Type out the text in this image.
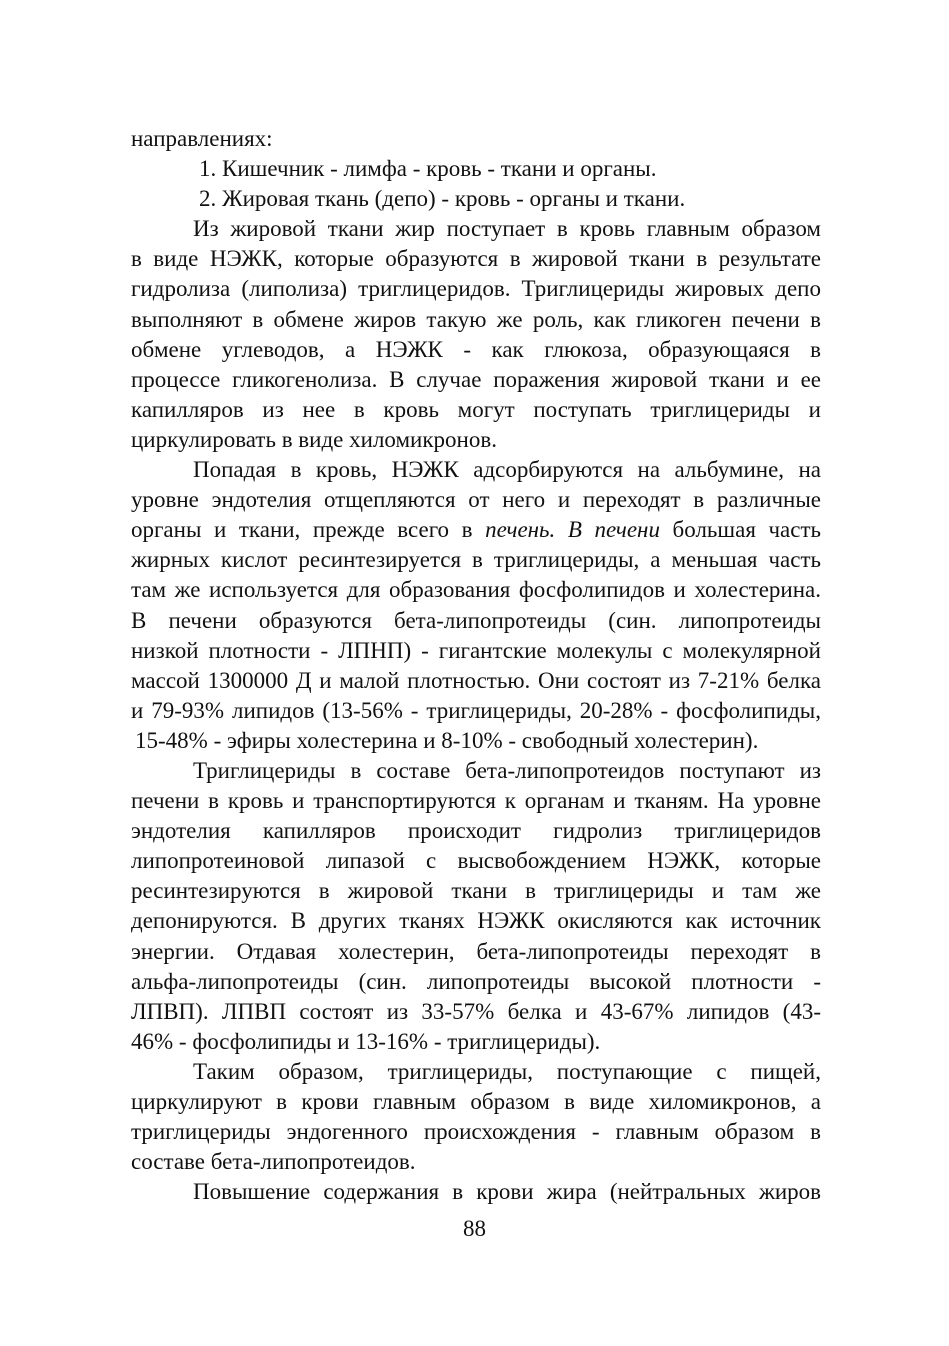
направлениях:
1. Кишечник - лимфа - кровь - ткани и органы.
2. Жировая ткань (депо) - кровь - органы и ткани.
Из жировой ткани жир поступает в кровь главным образом
в виде НЭЖК, которые образуются в жировой ткани в результате
гидролиза (липолиза) триглицеридов. Триглицериды жировых депо
выполняют в обмене жиров такую же роль, как гликоген печени в
обмене углеводов, а НЭЖК - как глюкоза, образующаяся в
процессе гликогенолиза. В случае поражения жировой ткани и ее
капилляров из нее в кровь могут поступать триглицериды и
циркулировать в виде хиломикронов.
Попадая в кровь, НЭЖК адсорбируются на альбумине, на
уровне эндотелия отщепляются от него и переходят в различные
органы и ткани, прежде всего в печень. В печени большая часть
жирных кислот ресинтезируется в триглицериды, а меньшая часть
там же используется для образования фосфолипидов и холестерина.
В печени образуются бета-липопротеиды (син. липопротеиды
низкой плотности - ЛПНП) - гигантские молекулы с молекулярной
массой 1300000 Д и малой плотностью. Они состоят из 7-21% белка
и 79-93% липидов (13-56% - триглицериды, 20-28% - фосфолипиды,
15-48% - эфиры холестерина и 8-10% - свободный холестерин).
Триглицериды в составе бета-липопротеидов поступают из
печени в кровь и транспортируются к органам и тканям. На уровне
эндотелия капилляров происходит гидролиз триглицеридов
липопротеиновой липазой с высвобождением НЭЖК, которые
ресинтезируются в жировой ткани в триглицериды и там же
депонируются. В других тканях НЭЖК окисляются как источник
энергии. Отдавая холестерин, бета-липопротеиды переходят в
альфа-липопротеиды (син. липопротеиды высокой плотности -
ЛПВП). ЛПВП состоят из 33-57% белка и 43-67% липидов (43-
46% - фосфолипиды и 13-16% - триглицериды).
Таким образом, триглицериды, поступающие с пищей,
циркулируют в крови главным образом в виде хиломикронов, а
триглицериды эндогенного происхождения - главным образом в
составе бета-липопротеидов.
Повышение содержания в крови жира (нейтральных жиров
88
